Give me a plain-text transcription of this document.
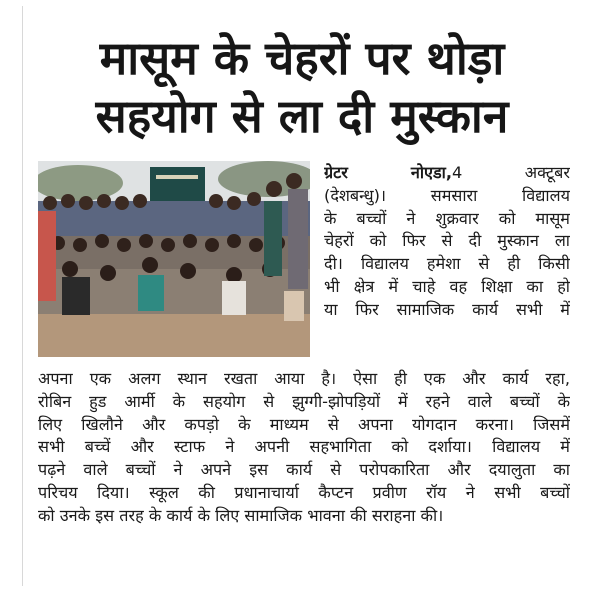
मासूम के चेहरों पर थोड़ा
सहयोग से ला दी मुस्कान
ग्रेटर नोएडा,4 अक्टूबर
(देशबन्धु)। समसारा विद्यालय
के बच्चों ने शुक्रवार को मासूम
चेहरों को फिर से दी मुस्कान ला
दी। विद्यालय हमेशा से ही किसी
भी क्षेत्र में चाहे वह शिक्षा का हो
या फिर सामाजिक कार्य सभी में
अपना एक अलग स्थान रखता आया है। ऐसा ही एक और कार्य रहा,
रोबिन हुड आर्मी के सहयोग से झुग्गी-झोपड़ियों में रहने वाले बच्चों के
लिए खिलौने और कपड़ो के माध्यम से अपना योगदान करना। जिसमें
सभी बच्चें और स्टाफ ने अपनी सहभागिता को दर्शाया। विद्यालय में
पढ़ने वाले बच्चों ने अपने इस कार्य से परोपकारिता और दयालुता का
परिचय दिया। स्कूल की प्रधानाचार्या कैप्टन प्रवीण रॉय ने सभी बच्चों
को उनके इस तरह के कार्य के लिए सामाजिक भावना की सराहना की।
